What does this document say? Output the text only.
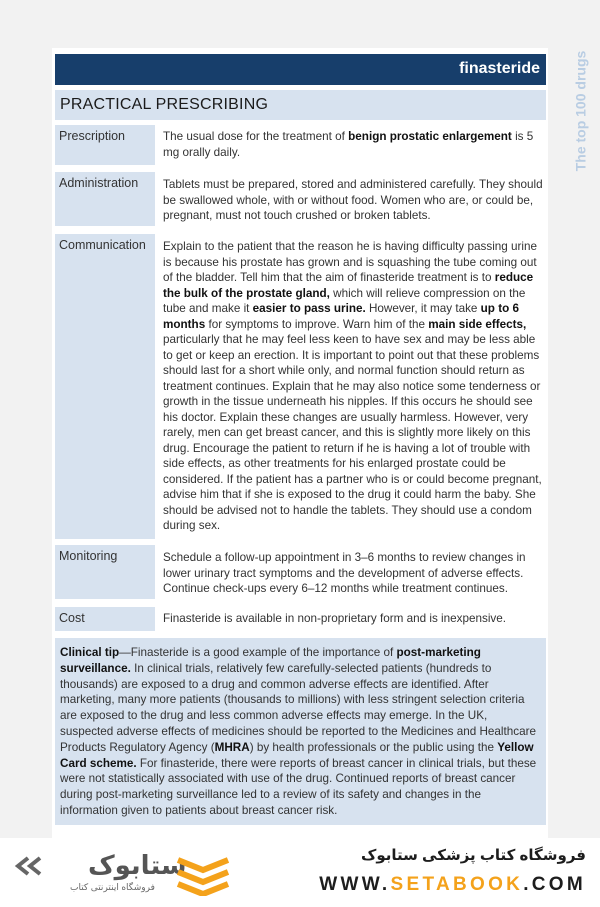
finasteride The top 100 drugs
PRACTICAL PRESCRIBING
Prescription	The usual dose for the treatment of benign prostatic enlargement is 5 mg orally daily.
Administration Tablets must be prepared, stored and administered carefully. They should be swallowed whole, with or without food. Women who are, or could be, pregnant, must not touch crushed or broken tablets.
Communication Explain to the patient that the reason he is having difficulty passing urine is because his prostate has grown and is squashing the tube coming out of the bladder. Tell him that the aim of finasteride treatment is to reduce the bulk of the prostate gland, which will relieve compression on the tube and make it easier to pass urine. However, it may take up to 6 months for symptoms to improve. Warn him of the main side effects, particularly that he may feel less keen to have sex and may be less able to get or keep an erection. It is important to point out that these problems should last for a short while only, and normal function should return as treatment continues. Explain that he may also notice some tenderness or growth in the tissue underneath his nipples. If this occurs he should see his doctor. Explain these changes are usually harmless. However, very rarely, men can get breast cancer, and this is slightly more likely on this drug. Encourage the patient to return if he is having a lot of trouble with side effects, as other treatments for his enlarged prostate could be considered. If the patient has a partner who is or could become pregnant, advise him that if she is exposed to the drug it could harm the baby. She should be advised not to handle the tablets. They should use a condom during sex.
Monitoring	Schedule a follow-up appointment in 3–6 months to review changes in lower urinary tract symptoms and the development of adverse effects. Continue check-ups every 6–12 months while treatment continues.
Cost	Finasteride is available in non-proprietary form and is inexpensive.
Clinical tip—Finasteride is a good example of the importance of post-marketing surveillance. In clinical trials, relatively few carefully-selected patients (hundreds to thousands) are exposed to a drug and common adverse effects are identified. After marketing, many more patients (thousands to millions) with less stringent selection criteria are exposed to the drug and less common adverse effects may emerge. In the UK, suspected adverse effects of medicines should be reported to the Medicines and Healthcare Products Regulatory Agency (MHRA) by health professionals or the public using the Yellow Card scheme. For finasteride, there were reports of breast cancer in clinical trials, but these were not statistically associated with use of the drug. Continued reports of breast cancer during post-marketing surveillance led to a review of its safety and changes in the information given to patients about breast cancer risk.
ستابوک
فروشگاه اینترنتی کتاب
فروشگاه کتاب پزشکی ستابوک
WWW.SETABOOK.COM
